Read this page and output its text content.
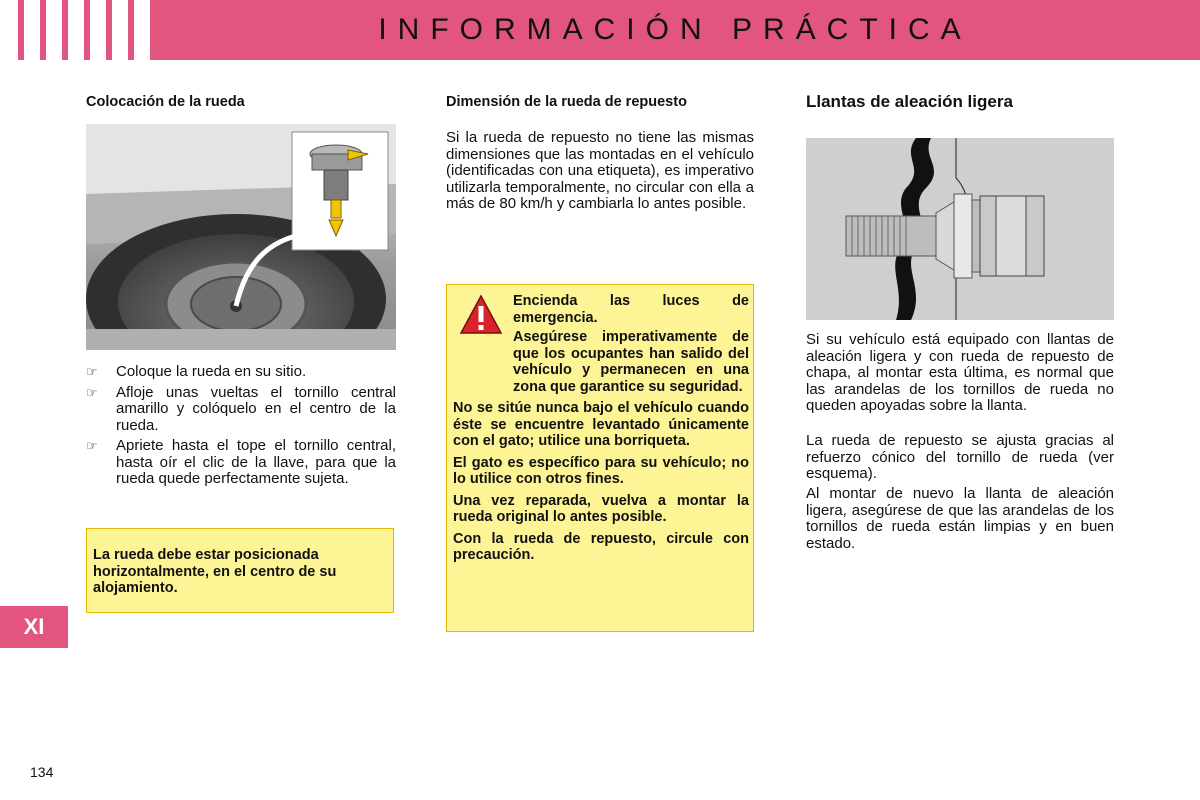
INFORMACIÓN PRÁCTICA
Colocación de la rueda
☞ Coloque la rueda en su sitio.
☞ Afloje unas vueltas el tornillo central amarillo y colóquelo en el centro de la rueda.
☞ Apriete hasta el tope el tornillo central, hasta oír el clic de la llave, para que la rueda quede perfectamente sujeta.

La rueda debe estar posicionada horizontalmente, en el centro de su alojamiento.

Dimensión de la rueda de repuesto

Si la rueda de repuesto no tiene las mismas dimensiones que las montadas en el vehículo (identificadas con una etiqueta), es imperativo utilizarla temporalmente, no circular con ella a más de 80 km/h y cambiarla lo antes posible.

Encienda las luces de emergencia.

Asegúrese imperativamente de que los ocupantes han salido del vehículo y permanecen en una zona que garantice su seguridad.

No se sitúe nunca bajo el vehículo cuando éste se encuentre levantado únicamente con el gato; utilice una borriqueta.

El gato es específico para su vehículo; no lo utilice con otros fines.

Una vez reparada, vuelva a montar la rueda original lo antes posible.

Con la rueda de repuesto, circule con precaución.

Llantas de aleación ligera

Si su vehículo está equipado con llantas de aleación ligera y con rueda de repuesto de chapa, al montar esta última, es normal que las arandelas de los tornillos de rueda no queden apoyadas sobre la llanta.

La rueda de repuesto se ajusta gracias al refuerzo cónico del tornillo de rueda (ver esquema).

Al montar de nuevo la llanta de aleación ligera, asegúrese de que las arandelas de los tornillos de rueda están limpias y en buen estado.

XI
134
